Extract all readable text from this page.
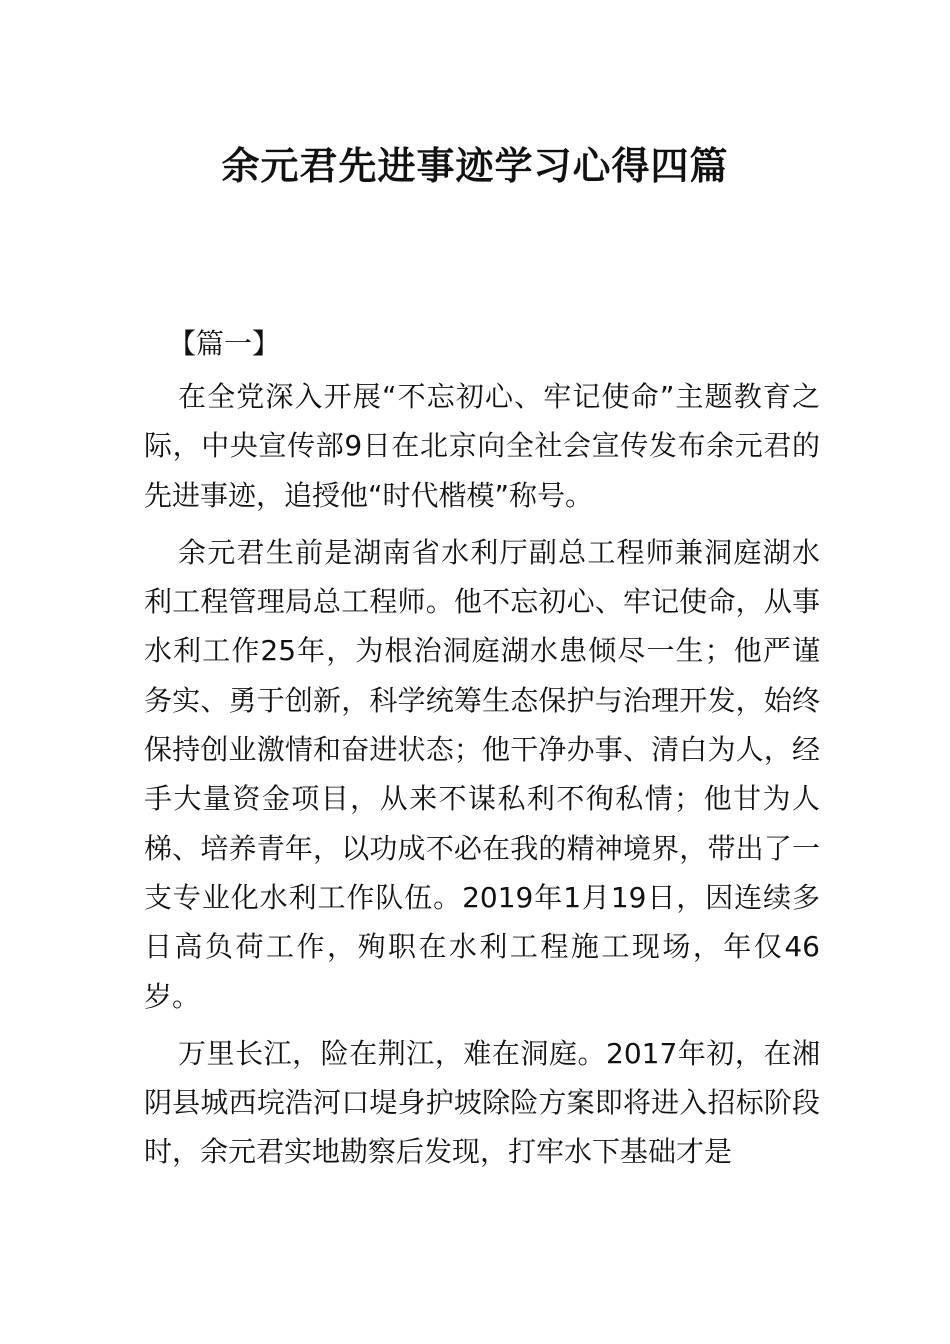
余元君先进事迹学习心得四篇
【篇一】

在全党深入开展“不忘初心、牢记使命”主题教育之际，中央宣传部9日在北京向全社会宣传发布余元君的先进事迹，追授他“时代楷模”称号。

余元君生前是湖南省水利厅副总工程师兼洞庭湖水利工程管理局总工程师。他不忘初心、牢记使命，从事水利工作25年，为根治洞庭湖水患倾尽一生；他严谨务实、勇于创新，科学统筹生态保护与治理开发，始终保持创业激情和奋进状态；他干净办事、清白为人，经手大量资金项目，从来不谋私利不徇私情；他甘为人梯、培养青年，以功成不必在我的精神境界，带出了一支专业化水利工作队伍。2019年1月19日，因连续多日高负荷工作，殉职在水利工程施工现场，年仅46岁。

万里长江，险在荆江，难在洞庭。2017年初，在湘阴县城西垸浩河口堤身护坡除险方案即将进入招标阶段时，余元君实地勘察后发现，打牢水下基础才是
